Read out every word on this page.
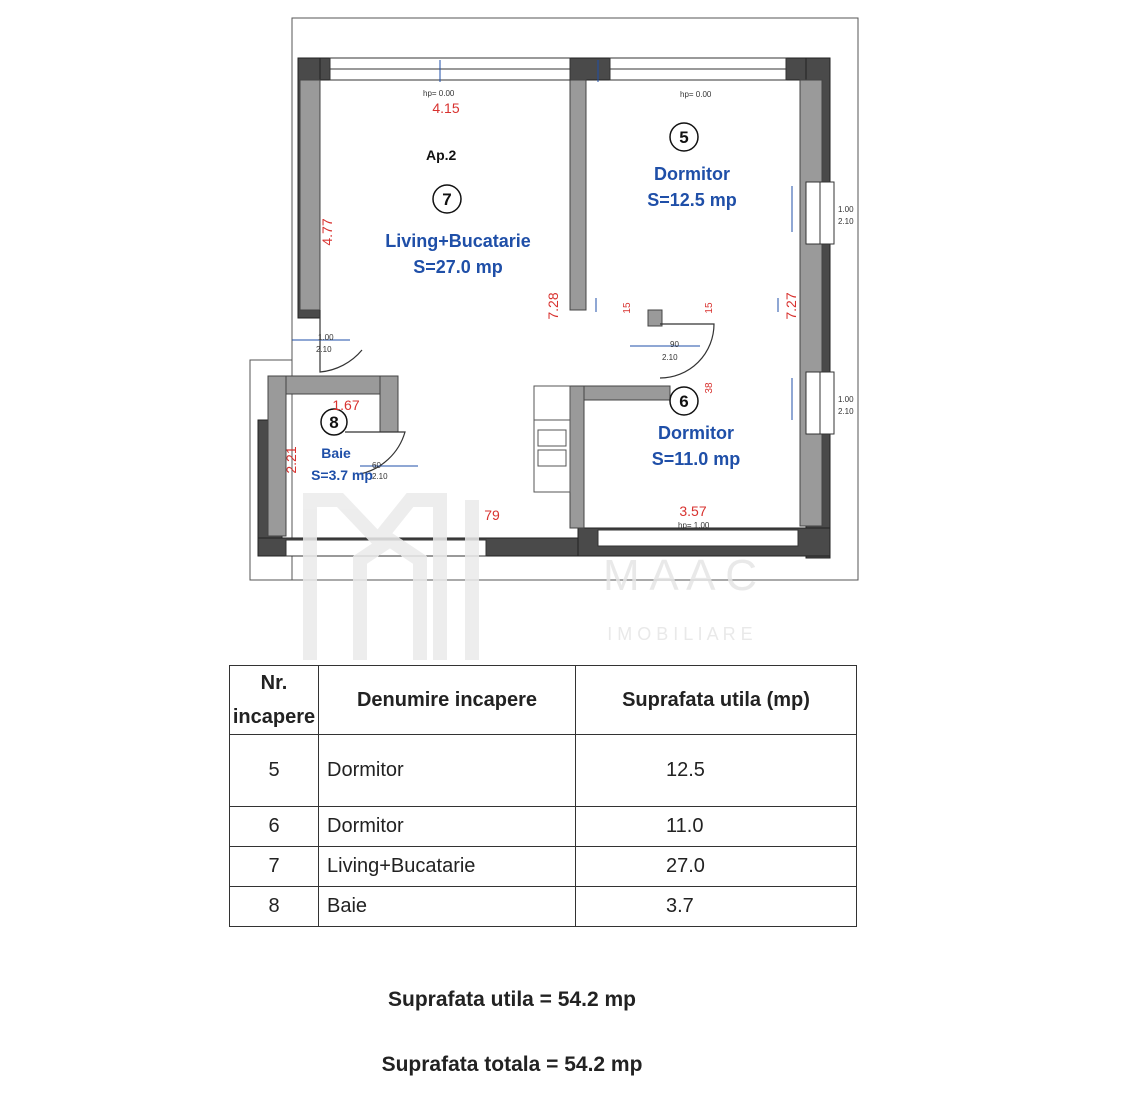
Ap.2
7
Living+Bucatarie
S=27.0 mp
5
Dormitor
S=12.5 mp
6
Dormitor
S=11.0 mp
8
Baie
S=3.7 mp
4.15
4.77
7.28	7.27
1.67
2.21
3.57
79
15	15
38
hp= 0.00	hp= 0.00
hp= 1.00
1.00
2.10
90
2.10
60
2.10
1.00
2.10
1.00
2.10
M A A C
I M O B I L I A R E
Nr. incapere	Denumire incapere	Suprafata utila (mp)
5	Dormitor	12.5
6	Dormitor	11.0
7	Living+Bucatarie	27.0
8	Baie	3.7
Suprafata utila = 54.2 mp
Suprafata totala = 54.2 mp
